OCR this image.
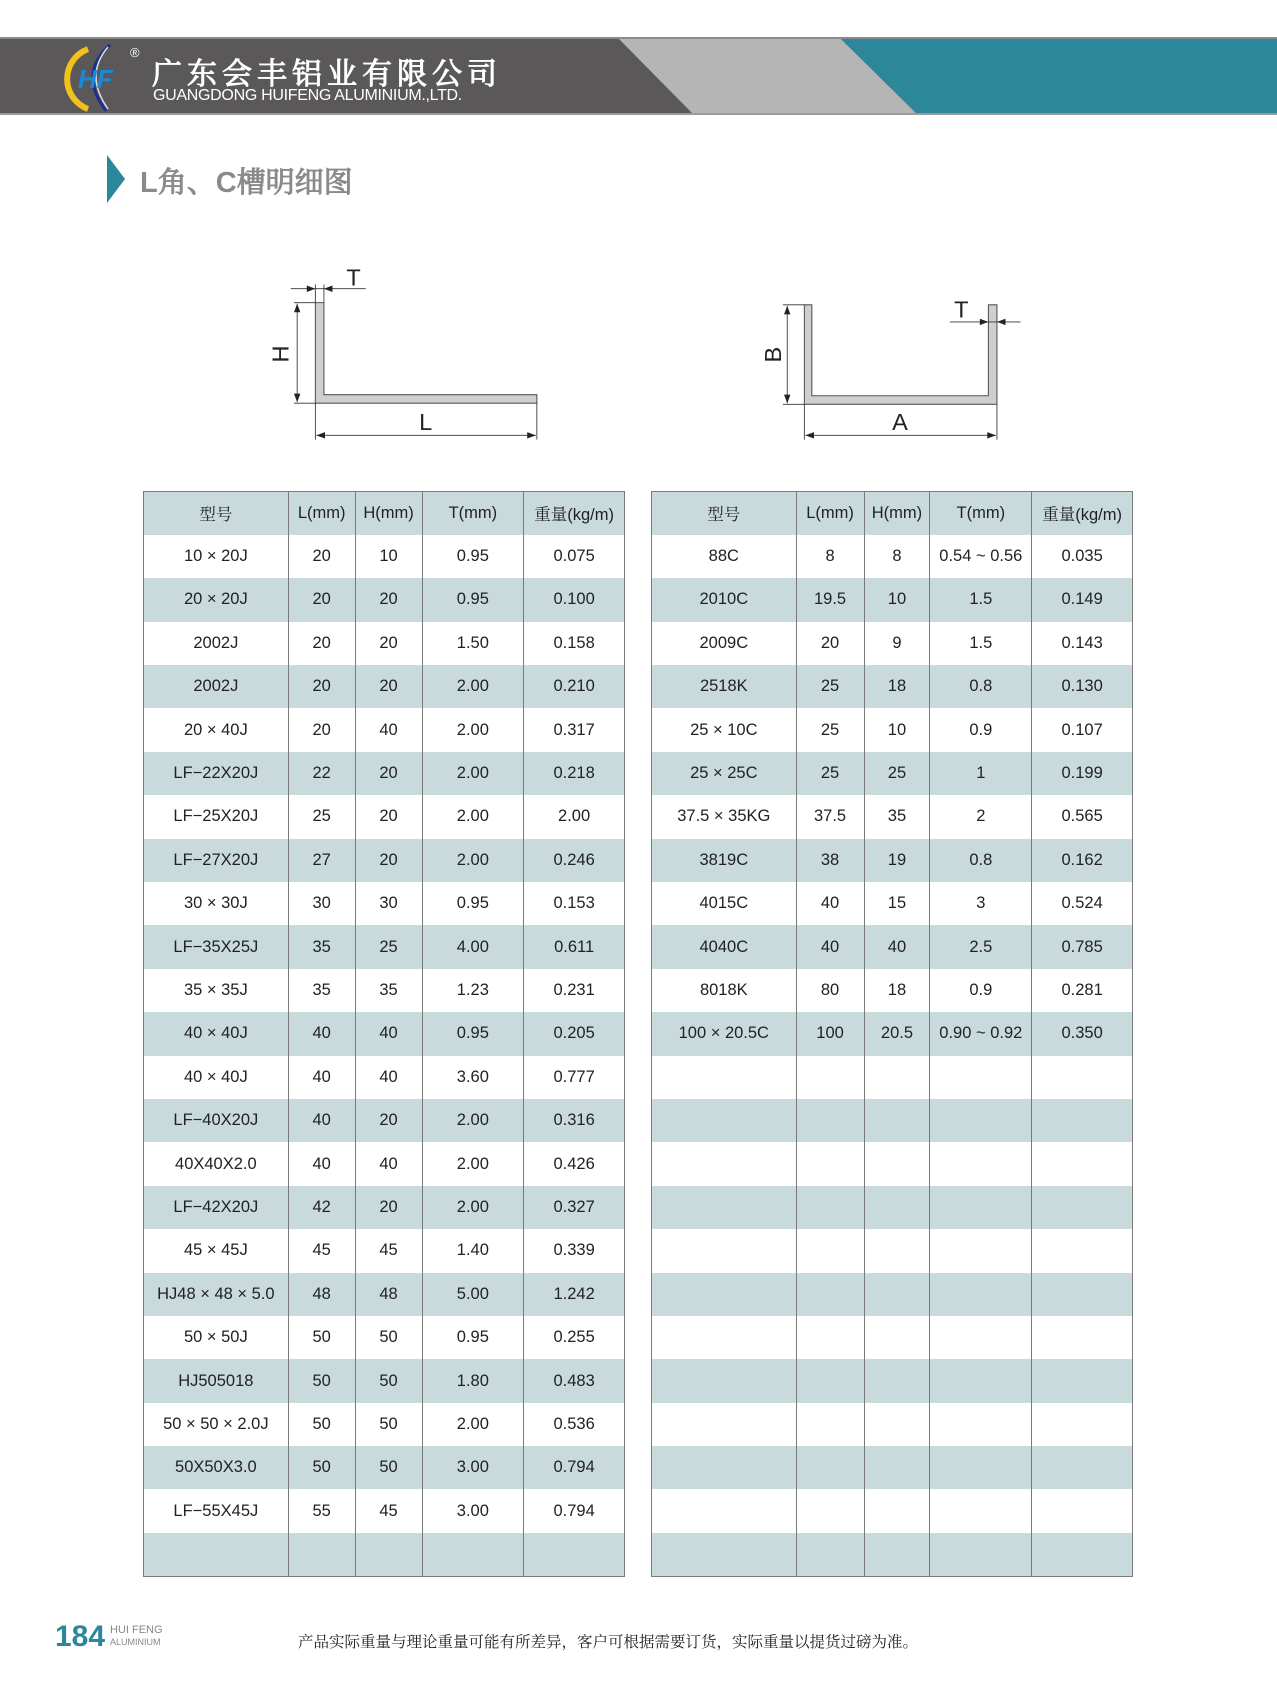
HF
®
广东会丰铝业有限公司
GUANGDONG HUIFENG ALUMINIUM.,LTD.
L角、C槽明细图
T
H
L
T
B
A
型号	L(mm)	H(mm)	T(mm)	重量(kg/m)
10 × 20J	20	10	0.95	0.075
20 × 20J	20	20	0.95	0.100
2002J	20	20	1.50	0.158
2002J	20	20	2.00	0.210
20 × 40J	20	40	2.00	0.317
LF−22X20J	22	20	2.00	0.218
LF−25X20J	25	20	2.00	2.00
LF−27X20J	27	20	2.00	0.246
30 × 30J	30	30	0.95	0.153
LF−35X25J	35	25	4.00	0.611
35 × 35J	35	35	1.23	0.231
40 × 40J	40	40	0.95	0.205
40 × 40J	40	40	3.60	0.777
LF−40X20J	40	20	2.00	0.316
40X40X2.0	40	40	2.00	0.426
LF−42X20J	42	20	2.00	0.327
45 × 45J	45	45	1.40	0.339
HJ48 × 48 × 5.0	48	48	5.00	1.242
50 × 50J	50	50	0.95	0.255
HJ505018	50	50	1.80	0.483
50 × 50 × 2.0J	50	50	2.00	0.536
50X50X3.0	50	50	3.00	0.794
LF−55X45J	55	45	3.00	0.794

型号	L(mm)	H(mm)	T(mm)	重量(kg/m)
88C	8	8	0.54 ~ 0.56	0.035
2010C	19.5	10	1.5	0.149
2009C	20	9	1.5	0.143
2518K	25	18	0.8	0.130
25 × 10C	25	10	0.9	0.107
25 × 25C	25	25	1	0.199
37.5 × 35KG	37.5	35	2	0.565
3819C	38	19	0.8	0.162
4015C	40	15	3	0.524
4040C	40	40	2.5	0.785
8018K	80	18	0.9	0.281
100 × 20.5C	100	20.5	0.90 ~ 0.92	0.350

184 HUI FENG
ALUMINIUM	产品实际重量与理论重量可能有所差异，客户可根据需要订货，实际重量以提货过磅为准。
